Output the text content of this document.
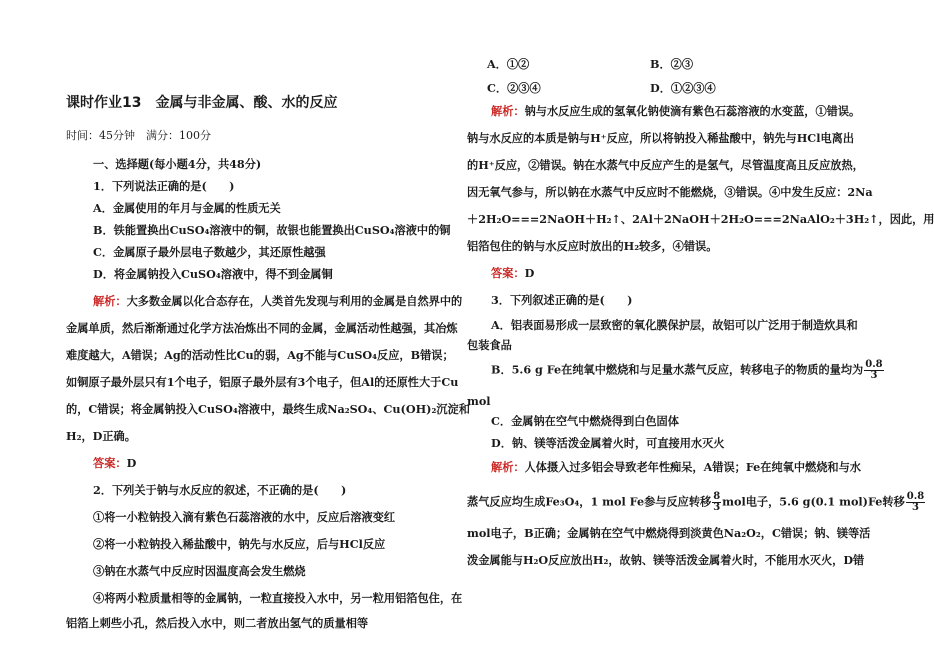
课时作业13　金属与非金属、酸、水的反应
时间：45分钟　满分：100分
一、选择题(每小题4分，共48分)
1．下列说法正确的是(　　)
A．金属使用的年月与金属的性质无关
B．铁能置换出CuSO₄溶液中的铜，故银也能置换出CuSO₄溶液中的铜
C．金属原子最外层电子数越少，其还原性越强
D．将金属钠投入CuSO₄溶液中，得不到金属铜
解析：大多数金属以化合态存在，人类首先发现与利用的金属是自然界中的
金属单质，然后渐渐通过化学方法冶炼出不同的金属，金属活动性越强，其冶炼
难度越大，A错误；Ag的活动性比Cu的弱，Ag不能与CuSO₄反应，B错误；
如铜原子最外层只有1个电子，铝原子最外层有3个电子，但Al的还原性大于Cu
的，C错误；将金属钠投入CuSO₄溶液中，最终生成Na₂SO₄、Cu(OH)₂沉淀和
H₂，D正确。
答案：D
2．下列关于钠与水反应的叙述，不正确的是(　　)
①将一小粒钠投入滴有紫色石蕊溶液的水中，反应后溶液变红
②将一小粒钠投入稀盐酸中，钠先与水反应，后与HCl反应
③钠在水蒸气中反应时因温度高会发生燃烧
④将两小粒质量相等的金属钠，一粒直接投入水中，另一粒用铝箔包住，在
铝箔上刺些小孔，然后投入水中，则二者放出氢气的质量相等
A．①②	B．②③
C．②③④	D．①②③④
解析：钠与水反应生成的氢氧化钠使滴有紫色石蕊溶液的水变蓝，①错误。
钠与水反应的本质是钠与H⁺反应，所以将钠投入稀盐酸中，钠先与HCl电离出
的H⁺反应，②错误。钠在水蒸气中反应产生的是氢气，尽管温度高且反应放热，
因无氧气参与，所以钠在水蒸气中反应时不能燃烧，③错误。④中发生反应：2Na
＋2H₂O===2NaOH＋H₂↑、2Al＋2NaOH＋2H₂O===2NaAlO₂＋3H₂↑，因此，用
铝箔包住的钠与水反应时放出的H₂较多，④错误。
答案：D
3．下列叙述正确的是(　　)
A．铝表面易形成一层致密的氧化膜保护层，故铝可以广泛用于制造炊具和
包装食品
B．5.6 g Fe在纯氧中燃烧和与足量水蒸气反应，转移电子的物质的量均为 $\frac{0.8}{3}$
mol
C．金属钠在空气中燃烧得到白色固体
D．钠、镁等活泼金属着火时，可直接用水灭火
解析：人体摄入过多铝会导致老年性痴呆，A错误；Fe在纯氧中燃烧和与水
蒸气反应均生成Fe₃O₄，1 mol Fe参与反应转移 $\frac{8}{3}$ mol电子，5.6 g(0.1 mol)Fe转移 $\frac{0.8}{3}$
mol电子，B正确；金属钠在空气中燃烧得到淡黄色Na₂O₂，C错误；钠、镁等活
泼金属能与H₂O反应放出H₂，故钠、镁等活泼金属着火时，不能用水灭火，D错
